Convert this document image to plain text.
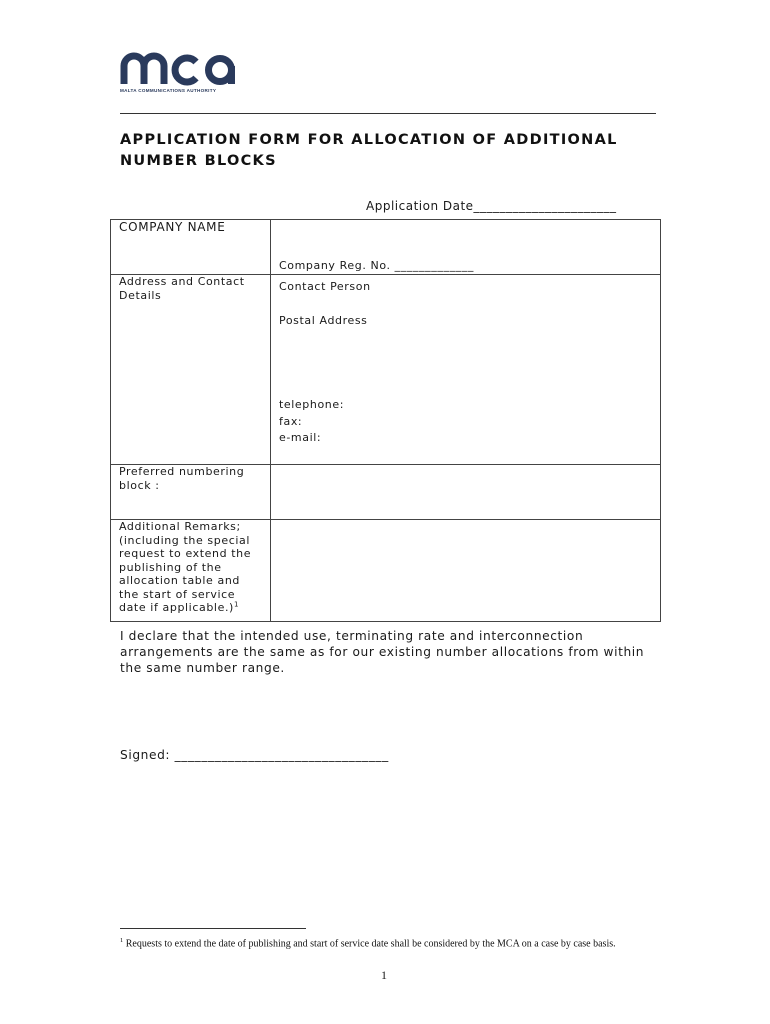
MALTA COMMUNICATIONS AUTHORITY
APPLICATION FORM FOR ALLOCATION OF ADDITIONAL NUMBER BLOCKS
Application Date______________________
COMPANY NAME	Company Reg. No. _____________

Address and Contact Details	Contact Person
Postal Address
telephone:
fax:
e-mail:

Preferred numbering block :	
Additional Remarks; (including the special request to extend the publishing of the allocation table and the start of service date if applicable.)$^1$	

I declare that the intended use, terminating rate and interconnection arrangements are the same as for our existing number allocations from within the same number range.

Signed: ________________________________

$^1$ Requests to extend the date of publishing and start of service date shall be considered by the MCA on a case by case basis.

1
